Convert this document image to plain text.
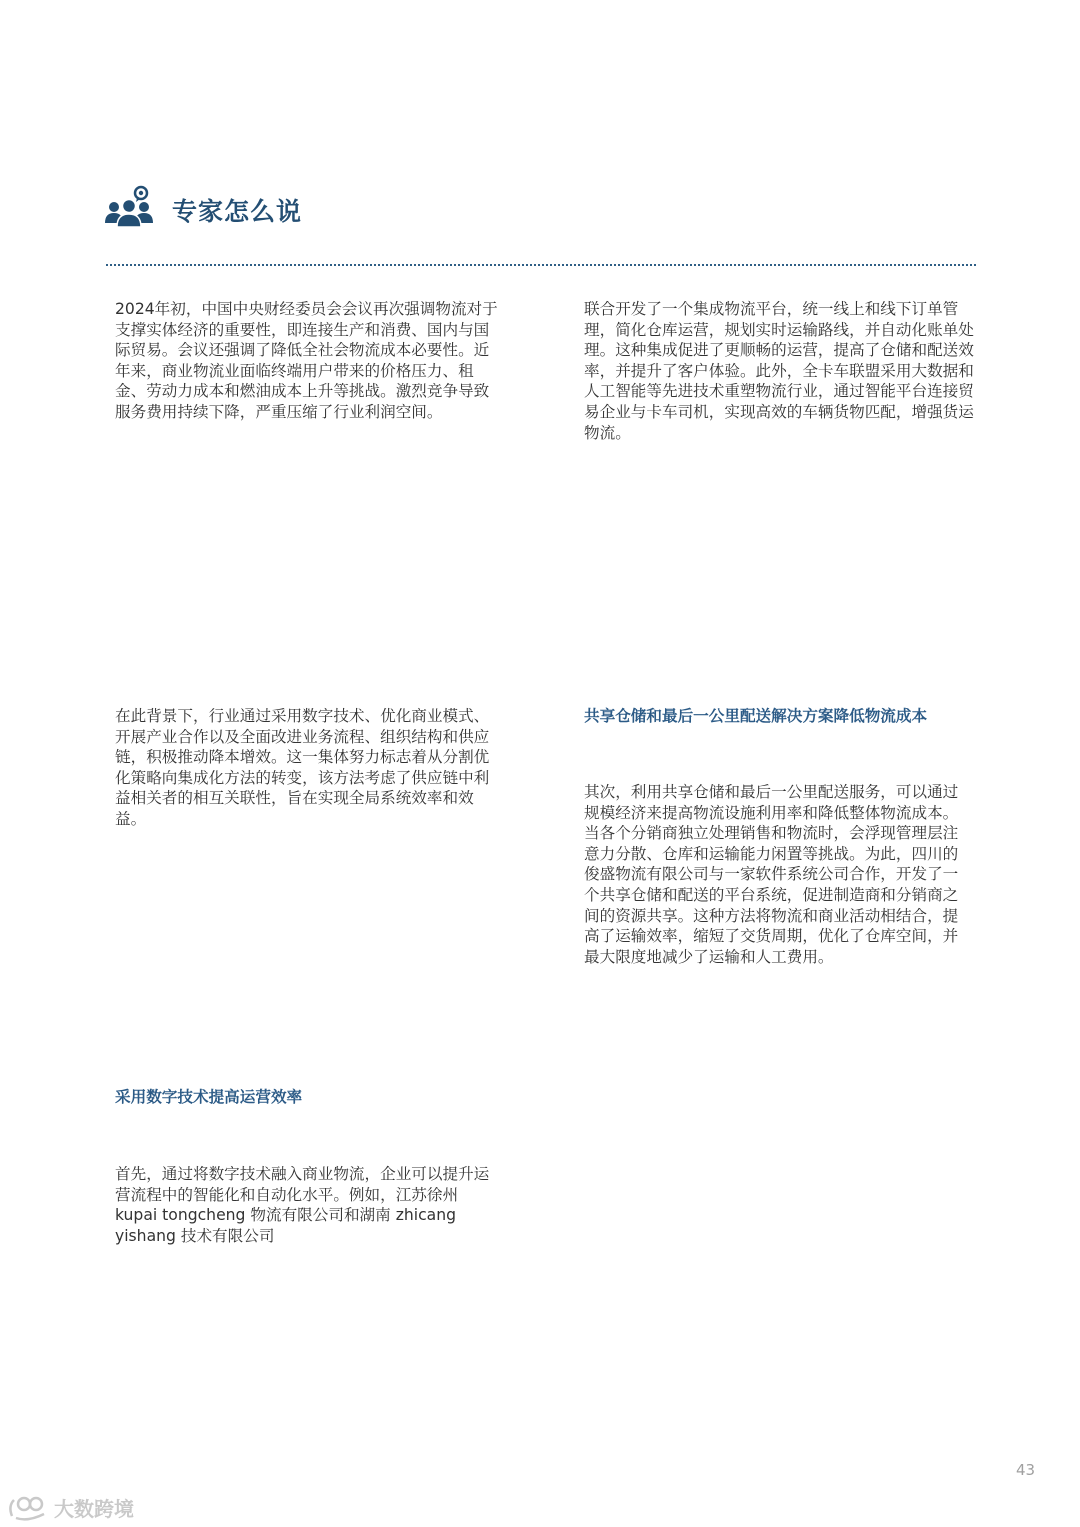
专家怎么说

2024年初，中国中央财经委员会会议再次强调物流对于支撑实体经济的重要性，即连接生产和消费、国内与国际贸易。会议还强调了降低全社会物流成本必要性。近年来，商业物流业面临终端用户带来的价格压力、租金、劳动力成本和燃油成本上升等挑战。激烈竞争导致服务费用持续下降，严重压缩了行业利润空间。

在此背景下，行业通过采用数字技术、优化商业模式、开展产业合作以及全面改进业务流程、组织结构和供应链，积极推动降本增效。这一集体努力标志着从分割优化策略向集成化方法的转变，该方法考虑了供应链中利益相关者的相互关联性，旨在实现全局系统效率和效益。

采用数字技术提高运营效率

首先，通过将数字技术融入商业物流，企业可以提升运营流程中的智能化和自动化水平。例如，江苏徐州 kupai tongcheng 物流有限公司和湖南 zhicang yishang 技术有限公司

联合开发了一个集成物流平台，统一线上和线下订单管理，简化仓库运营，规划实时运输路线，并自动化账单处理。这种集成促进了更顺畅的运营，提高了仓储和配送效率，并提升了客户体验。此外，全卡车联盟采用大数据和人工智能等先进技术重塑物流行业，通过智能平台连接贸易企业与卡车司机，实现高效的车辆货物匹配，增强货运物流。

共享仓储和最后一公里配送解决方案降低物流成本

其次，利用共享仓储和最后一公里配送服务，可以通过规模经济来提高物流设施利用率和降低整体物流成本。当各个分销商独立处理销售和物流时，会浮现管理层注意力分散、仓库和运输能力闲置等挑战。为此，四川的俊盛物流有限公司与一家软件系统公司合作，开发了一个共享仓储和配送的平台系统，促进制造商和分销商之间的资源共享。这种方法将物流和商业活动相结合，提高了运输效率，缩短了交货周期，优化了仓库空间，并最大限度地减少了运输和人工费用。

43
大数跨境
